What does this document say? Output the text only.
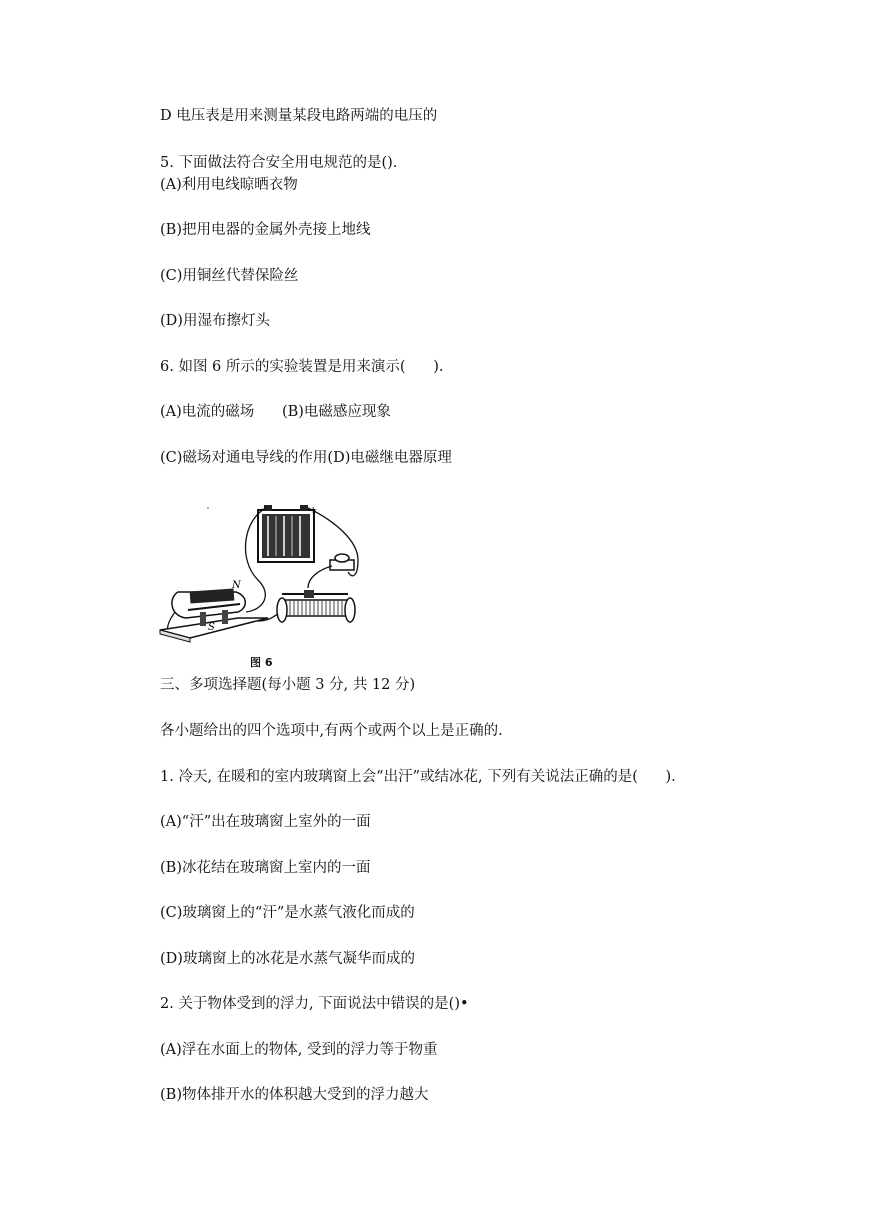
D 电压表是用来测量某段电路两端的电压的
5. 下面做法符合安全用电规范的是().
(A)利用电线晾晒衣物
(B)把用电器的金属外壳接上地线
(C)用铜丝代替保险丝
(D)用湿布擦灯头
6. 如图 6 所示的实验装置是用来演示(      ).
(A)电流的磁场      (B)电磁感应现象
(C)磁场对通电导线的作用(D)电磁继电器原理
-	+
N
S
图 6
三、多项选择题(每小题 3 分, 共 12 分)
各小题给出的四个选项中,有两个或两个以上是正确的.
1. 冷天, 在暖和的室内玻璃窗上会“出汗”或结冰花, 下列有关说法正确的是(      ).
(A)“汗”出在玻璃窗上室外的一面
(B)冰花结在玻璃窗上室内的一面
(C)玻璃窗上的“汗”是水蒸气液化而成的
(D)玻璃窗上的冰花是水蒸气凝华而成的
2. 关于物体受到的浮力, 下面说法中错误的是()•
(A)浮在水面上的物体, 受到的浮力等于物重
(B)物体排开水的体积越大受到的浮力越大
